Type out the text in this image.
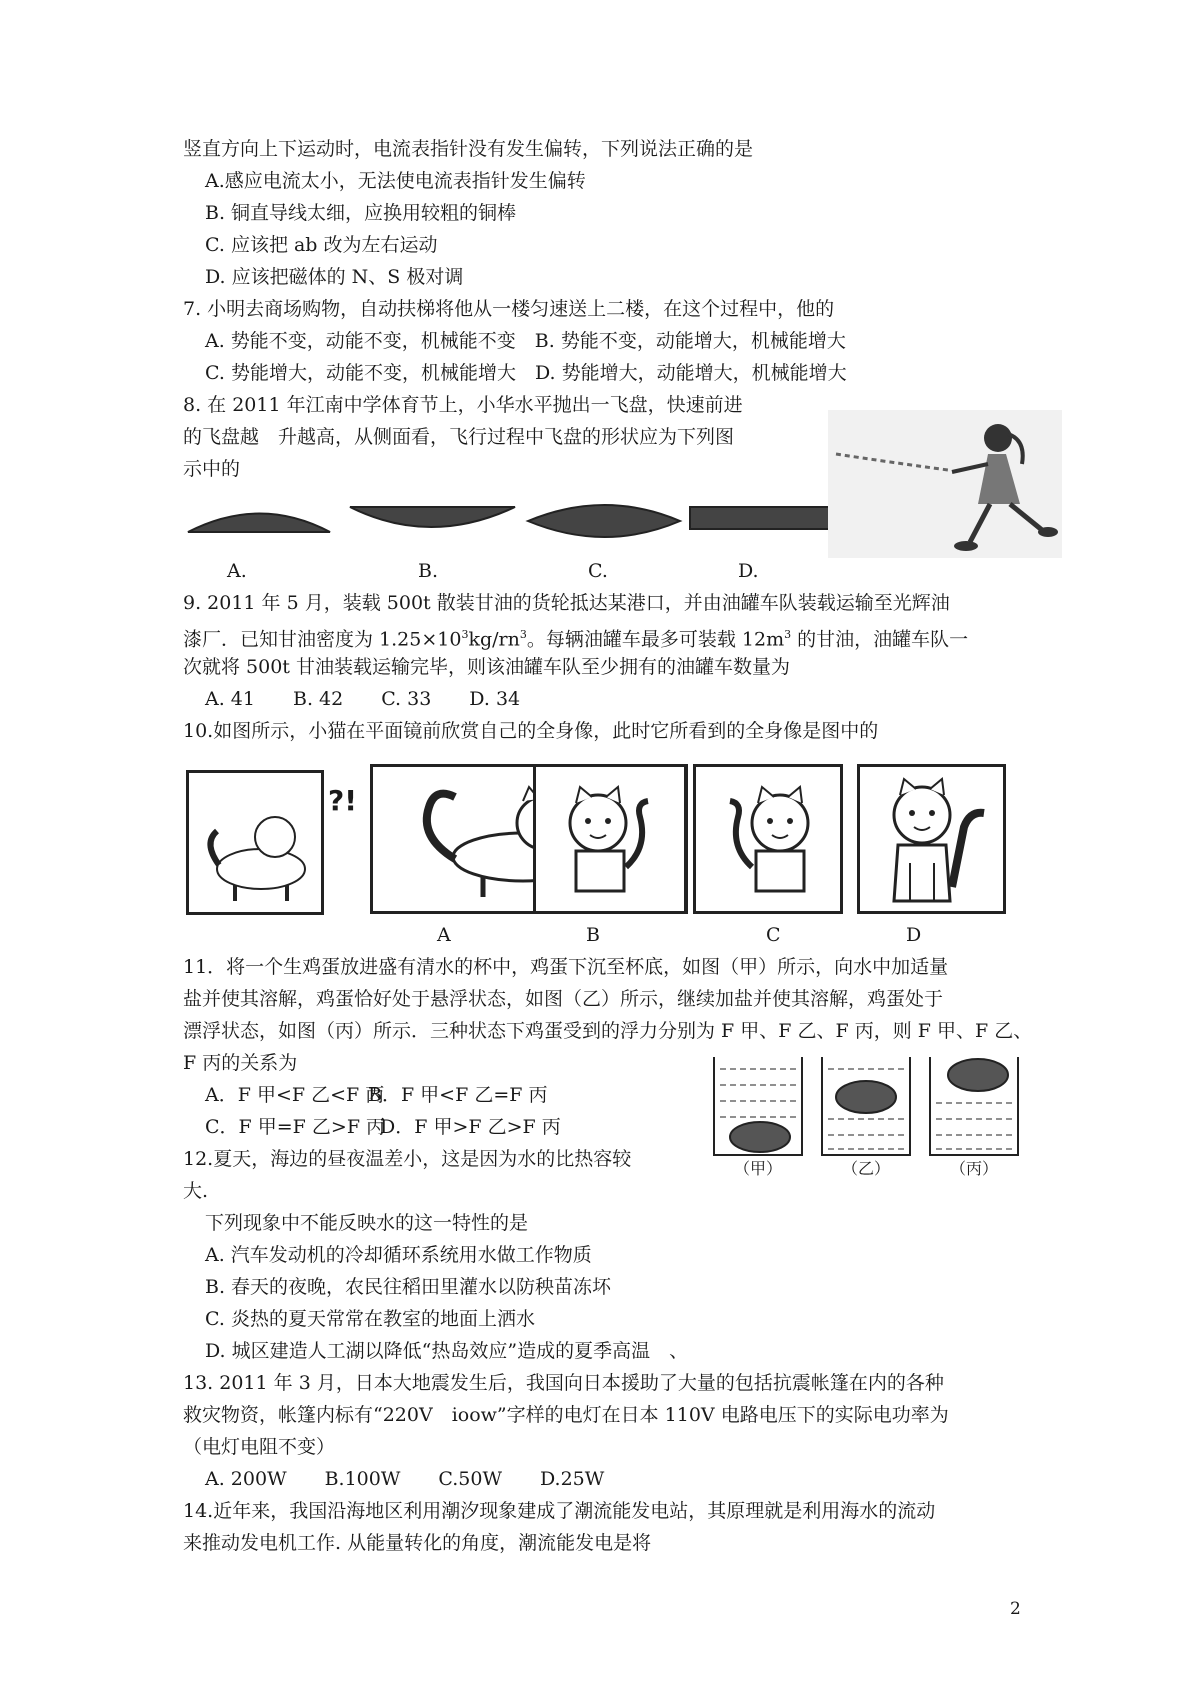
竖直方向上下运动时，电流表指针没有发生偏转，下列说法正确的是
A.感应电流太小，无法使电流表指针发生偏转
B. 铜直导线太细，应换用较粗的铜棒
C. 应该把 ab 改为左右运动
D. 应该把磁体的 N、S 极对调
7. 小明去商场购物，自动扶梯将他从一楼匀速送上二楼，在这个过程中，他的
A. 势能不变，动能不变，机械能不变　B. 势能不变，动能增大，机械能增大
C. 势能增大，动能不变，机械能增大　D. 势能增大，动能增大，机械能增大
8. 在 2011 年江南中学体育节上，小华水平抛出一飞盘，快速前进
的飞盘越　升越高，从侧面看，飞行过程中飞盘的形状应为下列图
示中的
A.	B.	C.	D.
9. 2011 年 5 月，装载 500t 散装甘油的货轮抵达某港口，并由油罐车队装载运输至光辉油
漆厂．已知甘油密度为 $1.25\times 10^3kg/rn^3$。每辆油罐车最多可装载 $12m^3$ 的甘油，油罐车队一
次就将 500t 甘油装载运输完毕，则该油罐车队至少拥有的油罐车数量为
A. 41　　B. 42　　C. 33　　D. 34
10.如图所示，小猫在平面镜前欣赏自己的全身像，此时它所看到的全身像是图中的
?!
A	B	C	D
11．将一个生鸡蛋放进盛有清水的杯中，鸡蛋下沉至杯底，如图（甲）所示，向水中加适量
盐并使其溶解，鸡蛋恰好处于悬浮状态，如图（乙）所示，继续加盐并使其溶解，鸡蛋处于
漂浮状态，如图（丙）所示．三种状态下鸡蛋受到的浮力分别为 F 甲、F 乙、F 丙，则 F 甲、F 乙、
F 丙的关系为
A．F 甲<F 乙<F 丙
B．F 甲<F 乙=F 丙
C．F 甲=F 乙>F 丙
D．F 甲>F 乙>F 丙
（甲）	（乙）	（丙）
12.夏天，海边的昼夜温差小，这是因为水的比热容较
大.
下列现象中不能反映水的这一特性的是
A. 汽车发动机的冷却循环系统用水做工作物质
B. 春天的夜晚，农民往稻田里灌水以防秧苗冻坏
C. 炎热的夏天常常在教室的地面上洒水
D. 城区建造人工湖以降低“热岛效应”造成的夏季高温　、
13. 2011 年 3 月，日本大地震发生后，我国向日本援助了大量的包括抗震帐篷在内的各种
救灾物资，帐篷内标有“220V　ioow”字样的电灯在日本 110V 电路电压下的实际电功率为
（电灯电阻不变）
A. 200W　　B.100W　　C.50W　　D.25W
14.近年来，我国沿海地区利用潮汐现象建成了潮流能发电站，其原理就是利用海水的流动
来推动发电机工作. 从能量转化的角度，潮流能发电是将
2
